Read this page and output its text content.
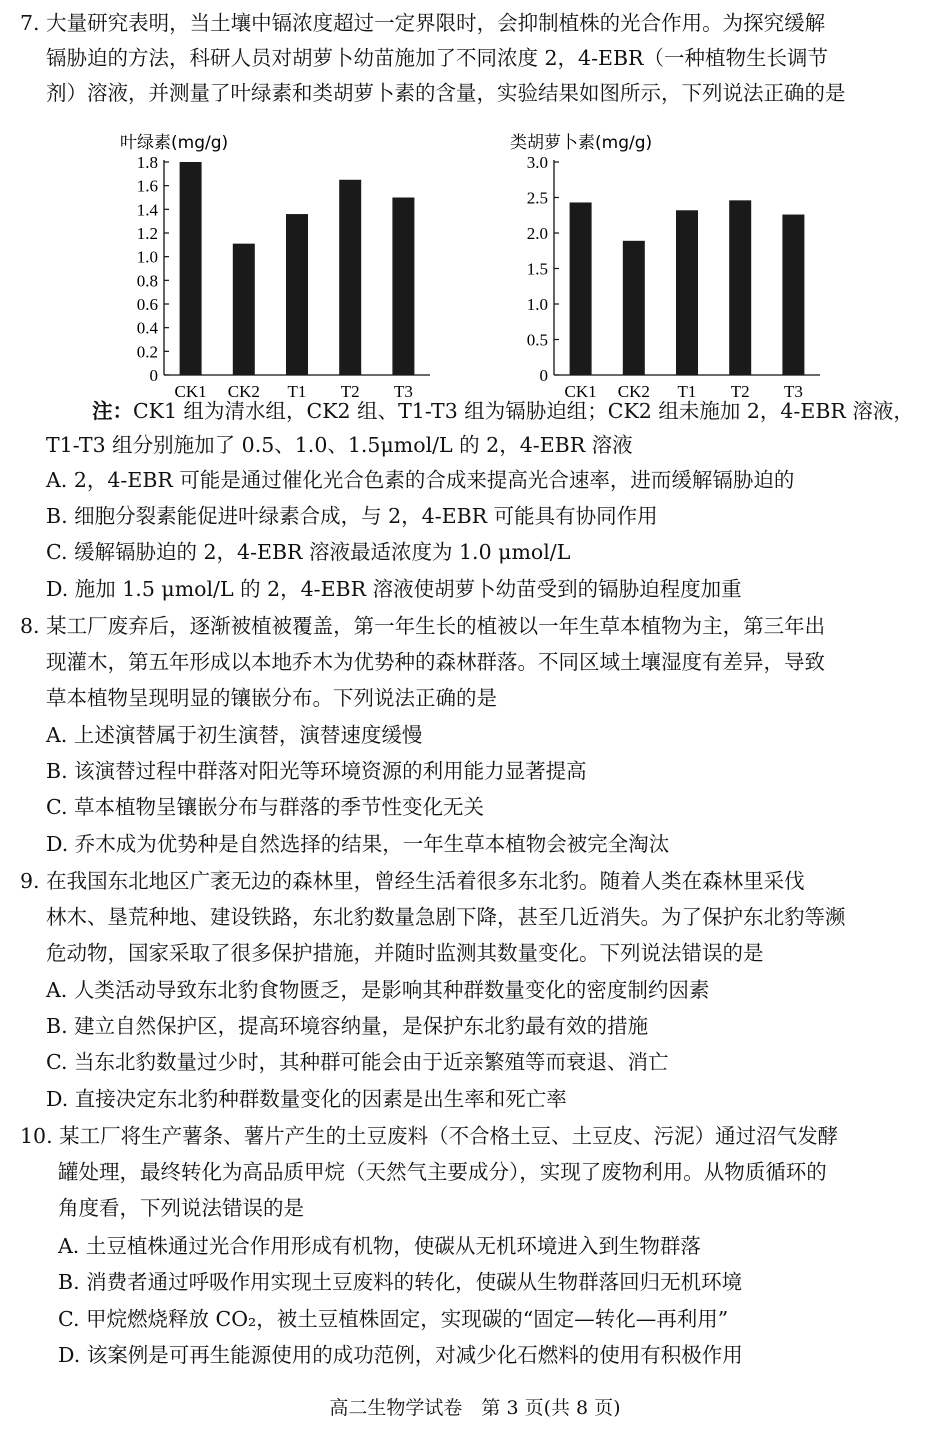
7. 大量研究表明，当土壤中镉浓度超过一定界限时，会抑制植株的光合作用。为探究缓解
镉胁迫的方法，科研人员对胡萝卜幼苗施加了不同浓度 2，4-EBR（一种植物生长调节
剂）溶液，并测量了叶绿素和类胡萝卜素的含量，实验结果如图所示，下列说法正确的是
叶绿素(mg/g)
0
0.2
0.4
0.6
0.8
1.0
1.2
1.4
1.6
1.8
CK1 CK2 T1 T2 T3
类胡萝卜素(mg/g)
0
0.5
1.0
1.5
2.0
2.5
3.0
CK1 CK2 T1 T2 T3
注：CK1 组为清水组，CK2 组、T1-T3 组为镉胁迫组；CK2 组未施加 2，4-EBR 溶液，
T1-T3 组分别施加了 0.5、1.0、1.5μmol/L 的 2，4-EBR 溶液
A. 2，4-EBR 可能是通过催化光合色素的合成来提高光合速率，进而缓解镉胁迫的
B. 细胞分裂素能促进叶绿素合成，与 2，4-EBR 可能具有协同作用
C. 缓解镉胁迫的 2，4-EBR 溶液最适浓度为 1.0 μmol/L
D. 施加 1.5 μmol/L 的 2，4-EBR 溶液使胡萝卜幼苗受到的镉胁迫程度加重
8. 某工厂废弃后，逐渐被植被覆盖，第一年生长的植被以一年生草本植物为主，第三年出
现灌木，第五年形成以本地乔木为优势种的森林群落。不同区域土壤湿度有差异，导致
草本植物呈现明显的镶嵌分布。下列说法正确的是
A. 上述演替属于初生演替，演替速度缓慢
B. 该演替过程中群落对阳光等环境资源的利用能力显著提高
C. 草本植物呈镶嵌分布与群落的季节性变化无关
D. 乔木成为优势种是自然选择的结果，一年生草本植物会被完全淘汰
9. 在我国东北地区广袤无边的森林里，曾经生活着很多东北豹。随着人类在森林里采伐
林木、垦荒种地、建设铁路，东北豹数量急剧下降，甚至几近消失。为了保护东北豹等濒
危动物，国家采取了很多保护措施，并随时监测其数量变化。下列说法错误的是
A. 人类活动导致东北豹食物匮乏，是影响其种群数量变化的密度制约因素
B. 建立自然保护区，提高环境容纳量，是保护东北豹最有效的措施
C. 当东北豹数量过少时，其种群可能会由于近亲繁殖等而衰退、消亡
D. 直接决定东北豹种群数量变化的因素是出生率和死亡率
10. 某工厂将生产薯条、薯片产生的土豆废料（不合格土豆、土豆皮、污泥）通过沼气发酵
罐处理，最终转化为高品质甲烷（天然气主要成分），实现了废物利用。从物质循环的
角度看，下列说法错误的是
A. 土豆植株通过光合作用形成有机物，使碳从无机环境进入到生物群落
B. 消费者通过呼吸作用实现土豆废料的转化，使碳从生物群落回归无机环境
C. 甲烷燃烧释放 CO₂，被土豆植株固定，实现碳的“固定—转化—再利用”
D. 该案例是可再生能源使用的成功范例，对减少化石燃料的使用有积极作用
高二生物学试卷　第 3 页(共 8 页)
